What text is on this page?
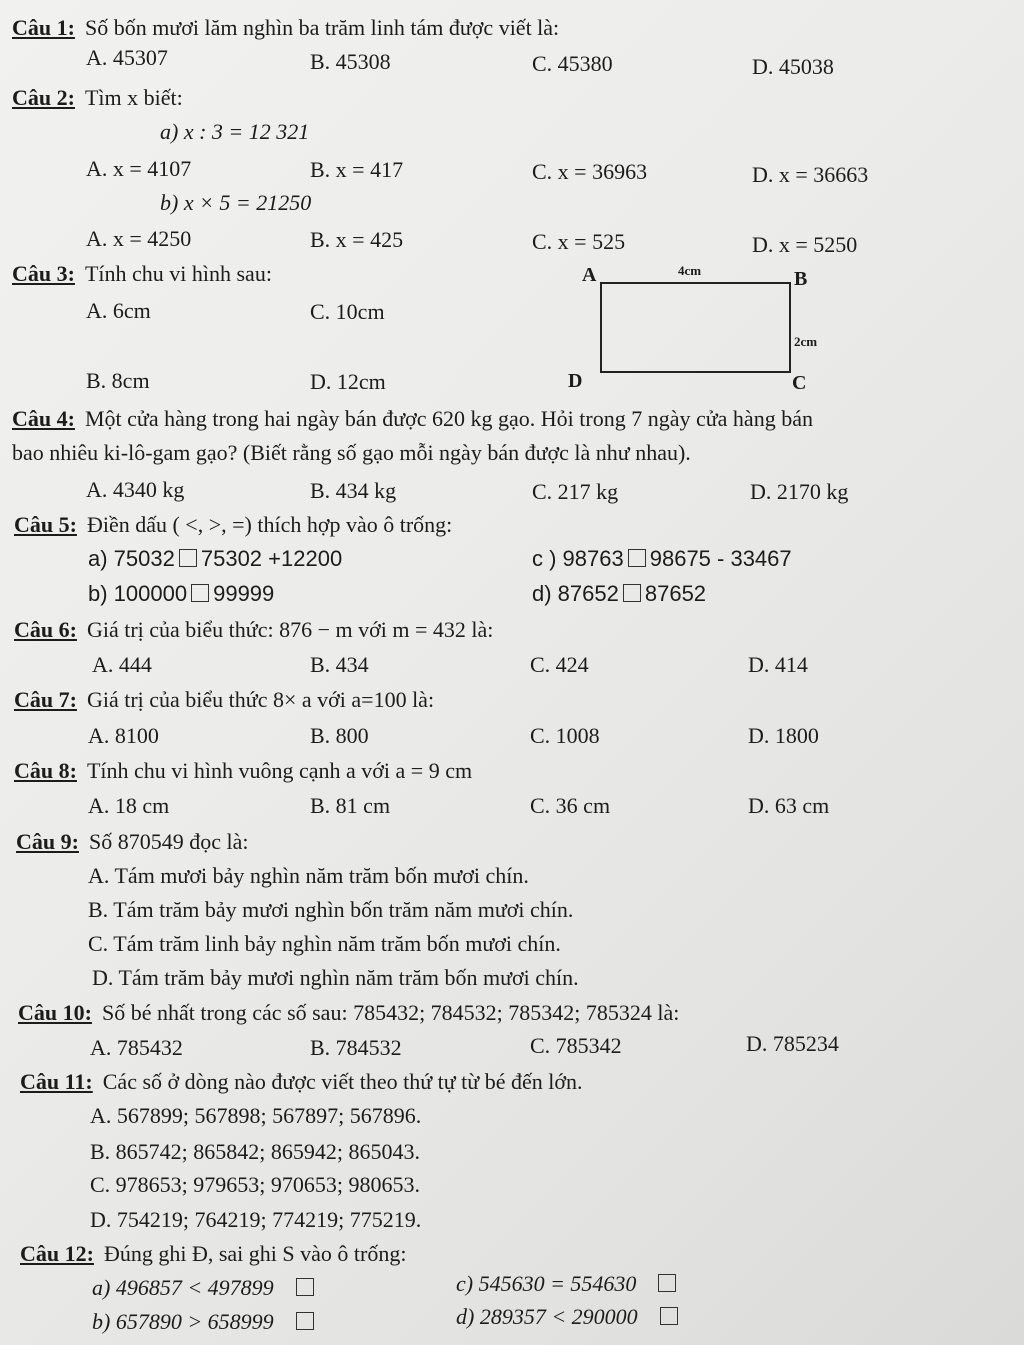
Câu 1: Số bốn mươi lăm nghìn ba trăm linh tám được viết là:
A. 45307	B. 45308	C. 45380	D. 45038
Câu 2: Tìm x biết:
a) x : 3 = 12 321
A. x = 4107	B. x = 417	C. x = 36963	D. x = 36663
b) x × 5 = 21250
A. x = 4250	B. x = 425	C. x = 525	D. x = 5250
Câu 3: Tính chu vi hình sau:
A. 6cm	C. 10cm
B. 8cm	D. 12cm
A	B
C
D
4cm
2cm
Câu 4: Một cửa hàng trong hai ngày bán được 620 kg gạo. Hỏi trong 7 ngày cửa hàng bán
bao nhiêu ki-lô-gam gạo? (Biết rằng số gạo mỗi ngày bán được là như nhau).
A. 4340 kg	B. 434 kg	C. 217 kg	D. 2170 kg
Câu 5: Điền dấu ( <, >, =) thích hợp vào ô trống:
a) 75032 75302 +12200	c ) 98763 98675 - 33467
b) 100000 99999	d) 87652 87652
Câu 6: Giá trị của biểu thức: 876 − m với m = 432 là:
A. 444	B. 434	C. 424	D. 414
Câu 7: Giá trị của biểu thức 8× a với a=100 là:
A. 8100	B. 800	C. 1008	D. 1800
Câu 8: Tính chu vi hình vuông cạnh a với a = 9 cm
A. 18 cm	B. 81 cm	C. 36 cm	D. 63 cm
Câu 9: Số 870549 đọc là:
A. Tám mươi bảy nghìn năm trăm bốn mươi chín.
B. Tám trăm bảy mươi nghìn bốn trăm năm mươi chín.
C. Tám trăm linh bảy nghìn năm trăm bốn mươi chín.
D. Tám trăm bảy mươi nghìn năm trăm bốn mươi chín.
Câu 10: Số bé nhất trong các số sau: 785432; 784532; 785342; 785324 là:
A. 785432	B. 784532	C. 785342	D. 785234
Câu 11: Các số ở dòng nào được viết theo thứ tự từ bé đến lớn.
A. 567899; 567898; 567897; 567896.
B. 865742; 865842; 865942; 865043.
C. 978653; 979653; 970653; 980653.
D. 754219; 764219; 774219; 775219.
Câu 12: Đúng ghi Đ, sai ghi S vào ô trống:
a) 496857 < 497899	c) 545630 = 554630
b) 657890 > 658999	d) 289357 < 290000
